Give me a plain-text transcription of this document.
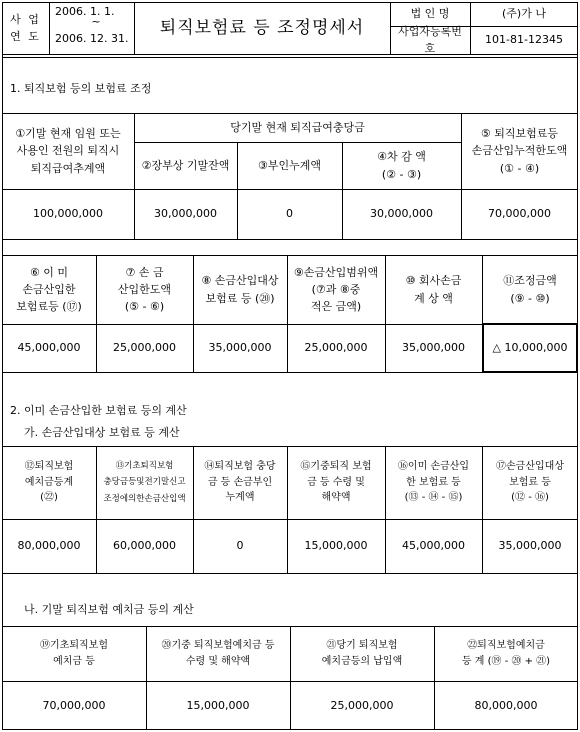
사 업
연 도
2006. 1. 1.
~
2006. 12. 31.
퇴직보험료 등 조정명세서
법 인 명	(주)가 나
사업자등록번호
101-81-12345
1. 퇴직보험 등의 보험료 조정
①기말 현재 임원 또는
사용인 전원의 퇴직시
퇴직급여추계액
당기말 현재 퇴직급여충당금
②장부상 기말잔액	③부인누계액
④차 감 액
(② - ③)
⑤ 퇴직보험료등
손금산입누적한도액
(① - ④)
100,000,000	30,000,000	0	30,000,000	70,000,000
⑥ 이 미
손금산입한
보험료등 (⑰)
⑦ 손 금
산입한도액
(⑤ - ⑥)
⑧ 손금산입대상
보험료 등 (⑳)
⑨손금산입범위액
(⑦과 ⑧중
적은 금액)
⑩ 회사손금
계 상 액
⑪조정금액
(⑨ - ⑩)
45,000,000	25,000,000	35,000,000	25,000,000	35,000,000	△ 10,000,000
2. 이미 손금산입한 보험료 등의 계산
가. 손금산입대상 보험료 등 계산
⑫퇴직보험
예치금등계
(㉒)
⑬기초퇴직보험
충당금등및전기말신고
조정에의한손금산입액
⑭퇴직보험 충당
금 등 손금부인
누계액
⑮기중퇴직 보험
금 등 수령 및
해약액
⑯이미 손금산입
한 보험료 등
(⑬ - ⑭ - ⑮)
⑰손금산입대상
보험료 등
(⑫ - ⑯)
80,000,000	60,000,000	0	15,000,000	45,000,000	35,000,000
나. 기말 퇴직보험 예치금 등의 계산
⑲기초퇴직보험
예치금 등
⑳기중 퇴직보험예치금 등
수령 및 해약액
㉑당기 퇴직보험
예치금등의 납입액
㉒퇴직보험예치금
등 계 (⑲ - ⑳ + ㉑)
70,000,000	15,000,000	25,000,000	80,000,000
